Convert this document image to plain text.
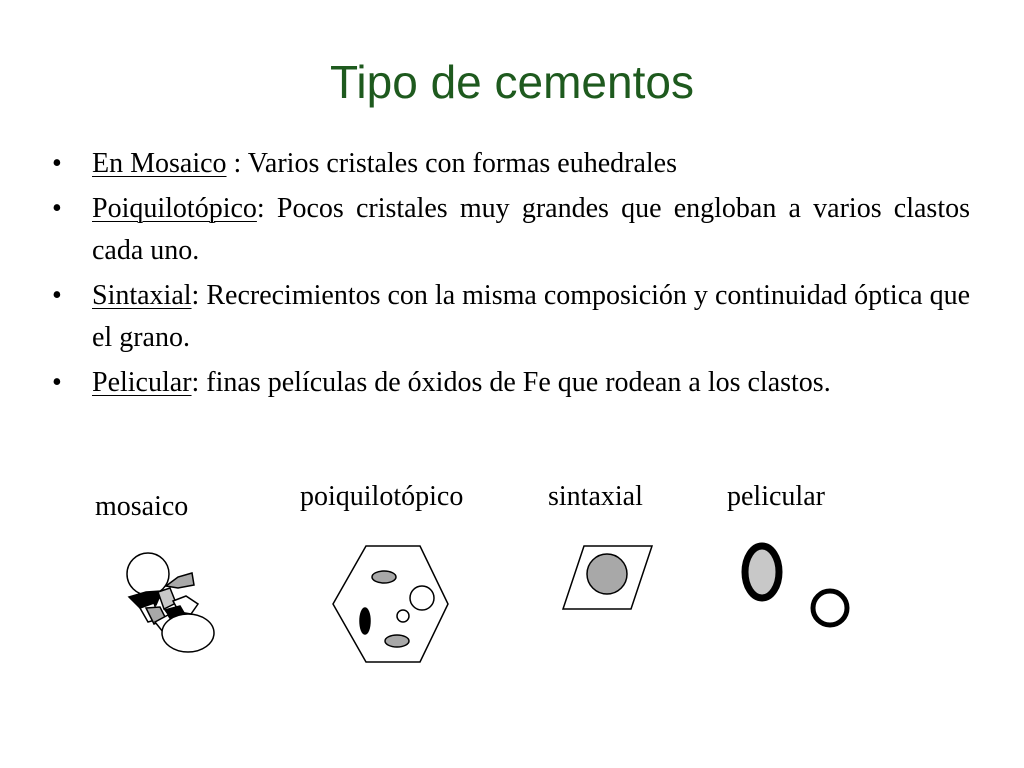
Tipo de cementos
•	En Mosaico : Varios cristales con formas euhedrales
•	Poiquilotópico: Pocos cristales muy grandes que engloban a varios clastos cada uno.
•	Sintaxial: Recrecimientos con la misma composición y continuidad óptica que el grano.
•	Pelicular: finas películas de óxidos de Fe que rodean a los clastos.
mosaico	poiquilotópico	sintaxial	pelicular
